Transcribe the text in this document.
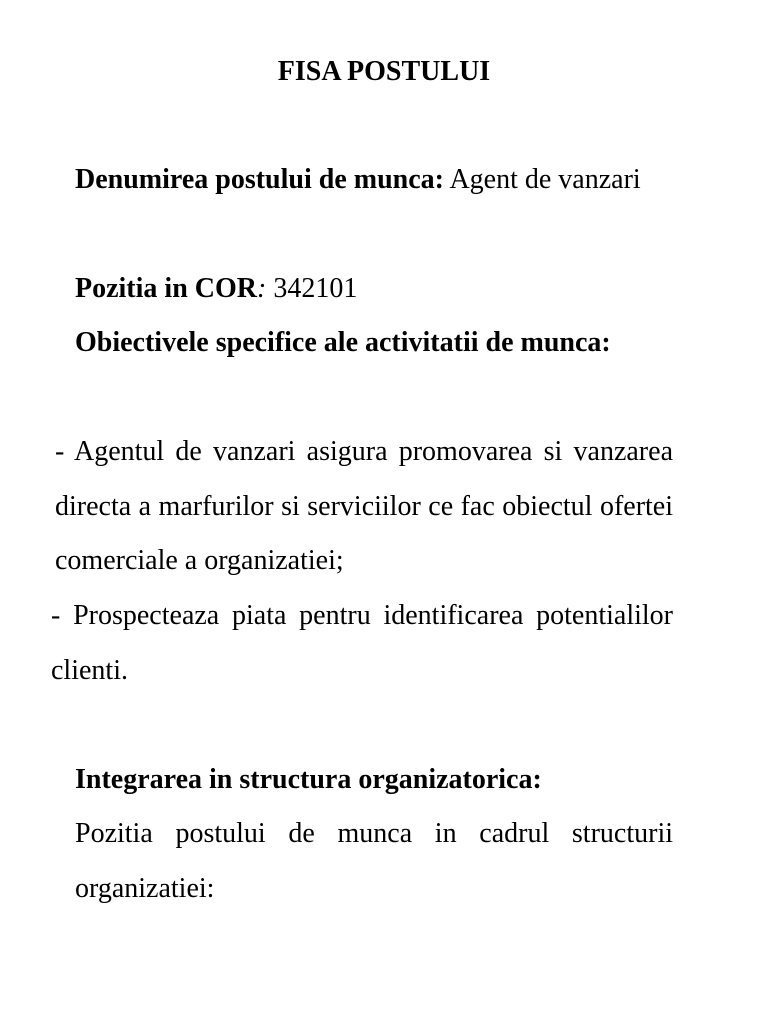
FISA POSTULUI

Denumirea postului de munca: Agent de vanzari

Pozitia in COR: 342101

Obiectivele specifice ale activitatii de munca:

- Agentul de vanzari asigura promovarea si vanzarea directa a marfurilor si serviciilor ce fac obiectul ofertei comerciale a organizatiei;

- Prospecteaza piata pentru identificarea potentialilor clienti.

Integrarea in structura organizatorica:

Pozitia postului de munca in cadrul structurii organizatiei:
